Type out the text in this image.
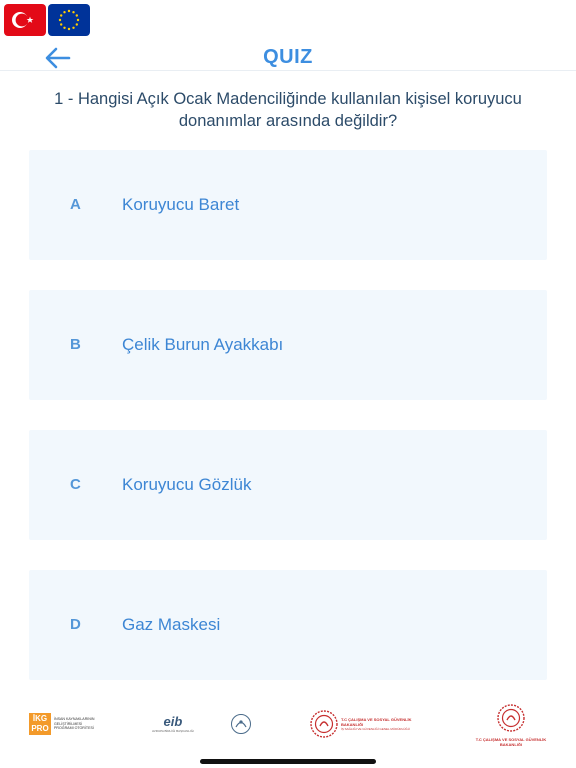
QUIZ
1 - Hangisi Açık Ocak Madenciliğinde kullanılan kişisel koruyucu donanımlar arasında değildir?
A Koruyucu Baret
B Çelik Burun Ayakkabı
C Koruyucu Gözlük
D Gaz Maskesi
İKG PRO
İNSAN KAYNAKLARININ GELİŞTİRİLMESİ PROGRAMI OTORİTESİ	eib
AVRUPA BİRLİĞİ BAŞKANLIĞI
T.C ÇALIŞMA VE SOSYAL GÜVENLİK BAKANLIĞI
İŞ SAĞLIĞI VE GÜVENLİĞİ GENEL MÜDÜRLÜĞÜ
T.C ÇALIŞMA VE SOSYAL GÜVENLİK BAKANLIĞI
